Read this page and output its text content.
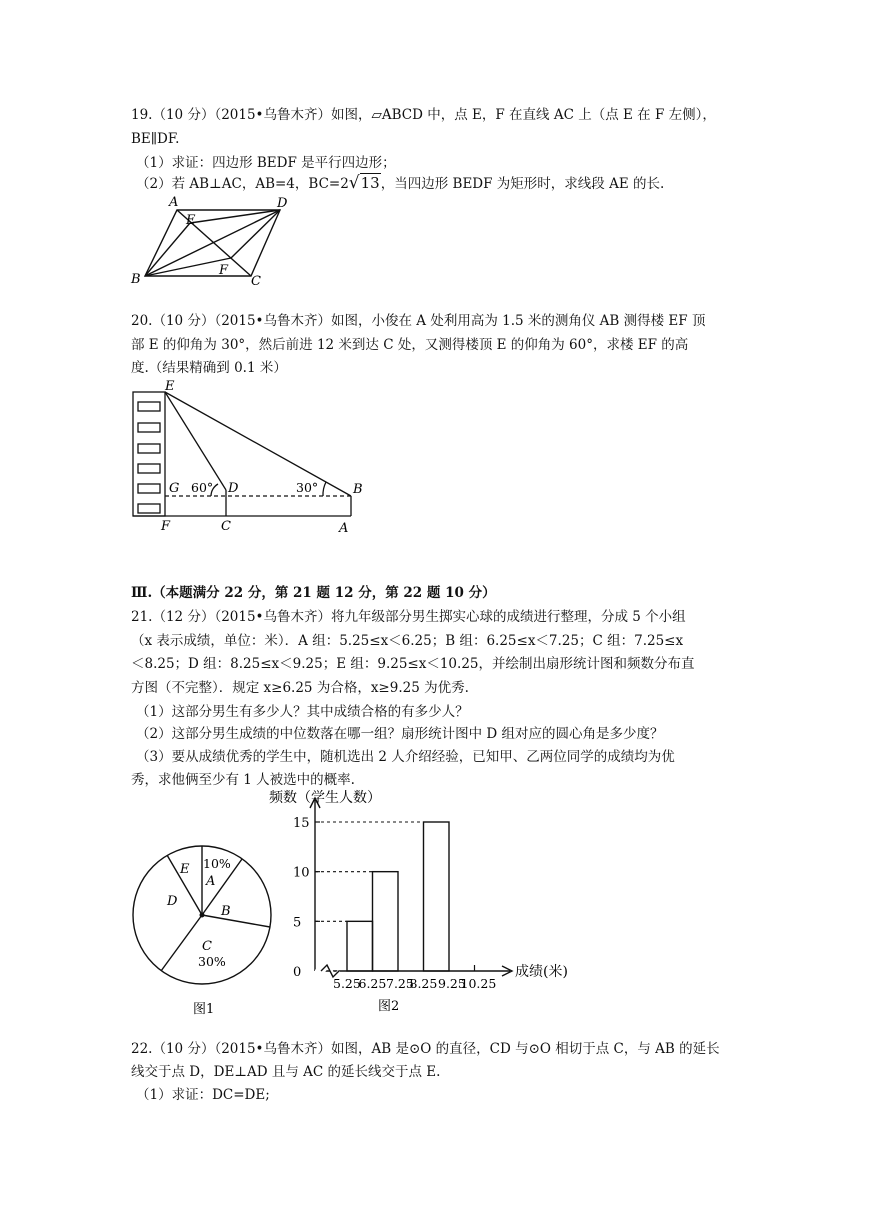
19.（10 分）（2015•乌鲁木齐）如图，▱ABCD 中，点 E，F 在直线 AC 上（点 E 在 F 左侧），
BE∥DF.
（1）求证：四边形 BEDF 是平行四边形；
（2）若 AB⊥AC，AB=4，BC=2√13，当四边形 BEDF 为矩形时，求线段 AE 的长.
A	D
E
B
F
C
20.（10 分）（2015•乌鲁木齐）如图，小俊在 A 处利用高为 1.5 米的测角仪 AB 测得楼 EF 顶
部 E 的仰角为 30°，然后前进 12 米到达 C 处，又测得楼顶 E 的仰角为 60°，求楼 EF 的高
度.（结果精确到 0.1 米）
E
G 60° D	30°	B
F	C	A
Ⅲ.（本题满分 22 分，第 21 题 12 分，第 22 题 10 分）
21.（12 分）（2015•乌鲁木齐）将九年级部分男生掷实心球的成绩进行整理，分成 5 个小组
（x 表示成绩，单位：米）．A 组：5.25≤x＜6.25；B 组：6.25≤x＜7.25；C 组：7.25≤x
＜8.25；D 组：8.25≤x＜9.25；E 组：9.25≤x＜10.25，并绘制出扇形统计图和频数分布直
方图（不完整）．规定 x≥6.25 为合格，x≥9.25 为优秀.
（1）这部分男生有多少人？其中成绩合格的有多少人？
（2）这部分男生成绩的中位数落在哪一组？扇形统计图中 D 组对应的圆心角是多少度？
（3）要从成绩优秀的学生中，随机选出 2 人介绍经验，已知甲、乙两位同学的成绩均为优
秀，求他俩至少有 1 人被选中的概率.
E 10%
A
D
B
C
30%
图1
0
5
10
15
5.25
6.25 7.25
8.25 9.25
10.25
频数（学生人数）
成绩(米)
图2
22.（10 分）（2015•乌鲁木齐）如图，AB 是⊙O 的直径，CD 与⊙O 相切于点 C，与 AB 的延长
线交于点 D，DE⊥AD 且与 AC 的延长线交于点 E.
（1）求证：DC=DE;
